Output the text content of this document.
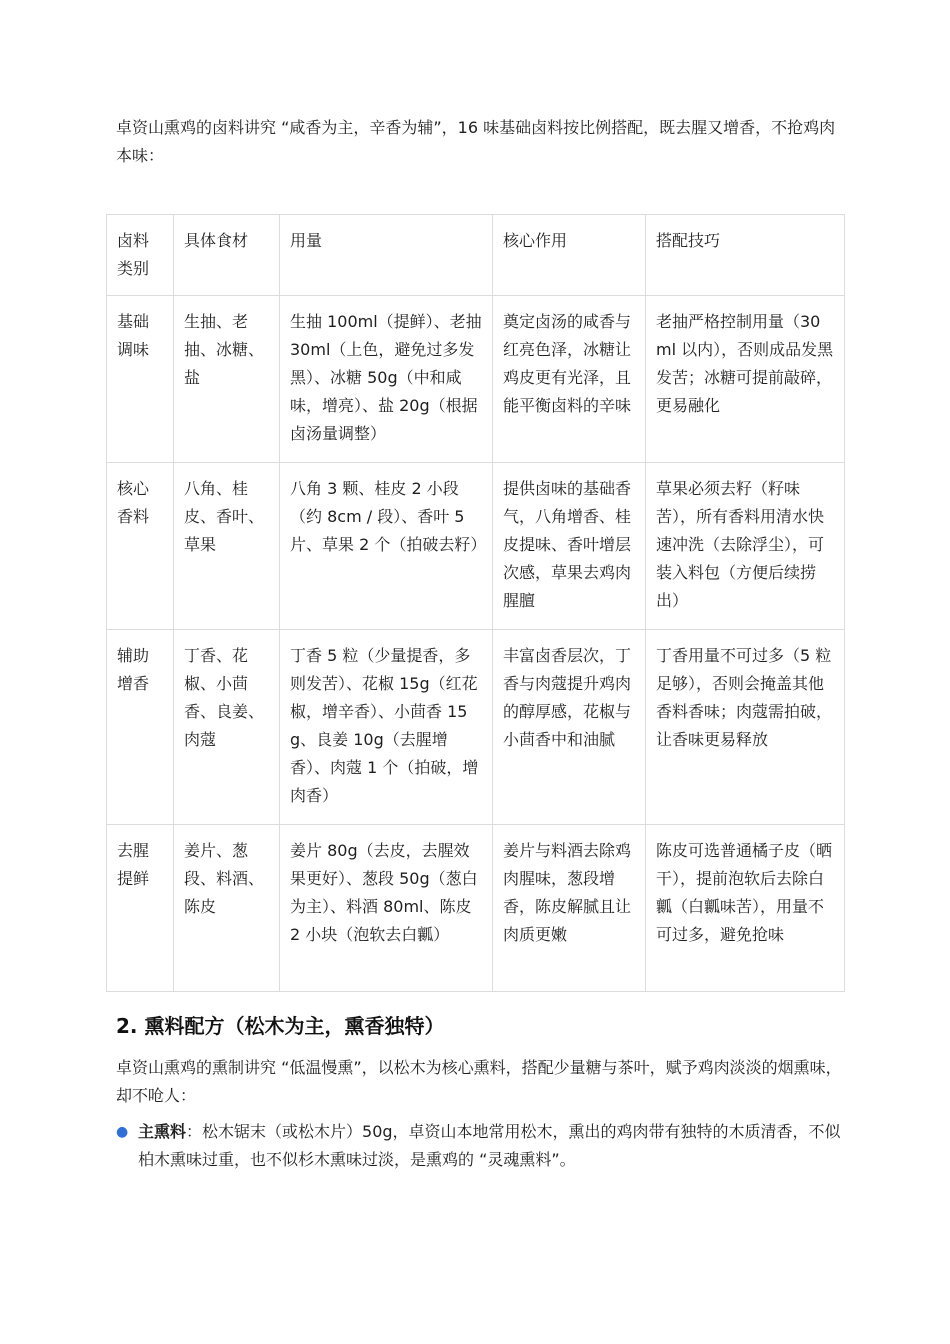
卓资山熏鸡的卤料讲究 “咸香为主，辛香为辅”，16 味基础卤料按比例搭配，既去腥又增香，不抢鸡肉本味：

卤料类别	具体食材	用量	核心作用	搭配技巧
基础调味	生抽、老抽、冰糖、盐	生抽 100ml（提鲜）、老抽 30ml（上色，避免过多发黑）、冰糖 50g（中和咸味，增亮）、盐 20g（根据卤汤量调整）	奠定卤汤的咸香与红亮色泽，冰糖让鸡皮更有光泽，且能平衡卤料的辛味	老抽严格控制用量（30ml 以内），否则成品发黑发苦；冰糖可提前敲碎，更易融化
核心香料	八角、桂皮、香叶、草果	八角 3 颗、桂皮 2 小段（约 8cm / 段）、香叶 5 片、草果 2 个（拍破去籽）	提供卤味的基础香气，八角增香、桂皮提味、香叶增层次感，草果去鸡肉腥膻	草果必须去籽（籽味苦），所有香料用清水快速冲洗（去除浮尘），可装入料包（方便后续捞出）
辅助增香	丁香、花椒、小茴香、良姜、肉蔻	丁香 5 粒（少量提香，多则发苦）、花椒 15g（红花椒，增辛香）、小茴香 15g、良姜 10g（去腥增香）、肉蔻 1 个（拍破，增肉香）	丰富卤香层次，丁香与肉蔻提升鸡肉的醇厚感，花椒与小茴香中和油腻	丁香用量不可过多（5 粒足够），否则会掩盖其他香料香味；肉蔻需拍破，让香味更易释放
去腥提鲜	姜片、葱段、料酒、陈皮	姜片 80g（去皮，去腥效果更好）、葱段 50g（葱白为主）、料酒 80ml、陈皮 2 小块（泡软去白瓤）	姜片与料酒去除鸡肉腥味，葱段增香，陈皮解腻且让肉质更嫩	陈皮可选普通橘子皮（晒干），提前泡软后去除白瓤（白瓤味苦），用量不可过多，避免抢味
2. 熏料配方（松木为主，熏香独特）

卓资山熏鸡的熏制讲究 “低温慢熏”，以松木为核心熏料，搭配少量糖与茶叶，赋予鸡肉淡淡的烟熏味，却不呛人：

● 主熏料：松木锯末（或松木片）50g，卓资山本地常用松木，熏出的鸡肉带有独特的木质清香，不似柏木熏味过重，也不似杉木熏味过淡，是熏鸡的 “灵魂熏料”。
